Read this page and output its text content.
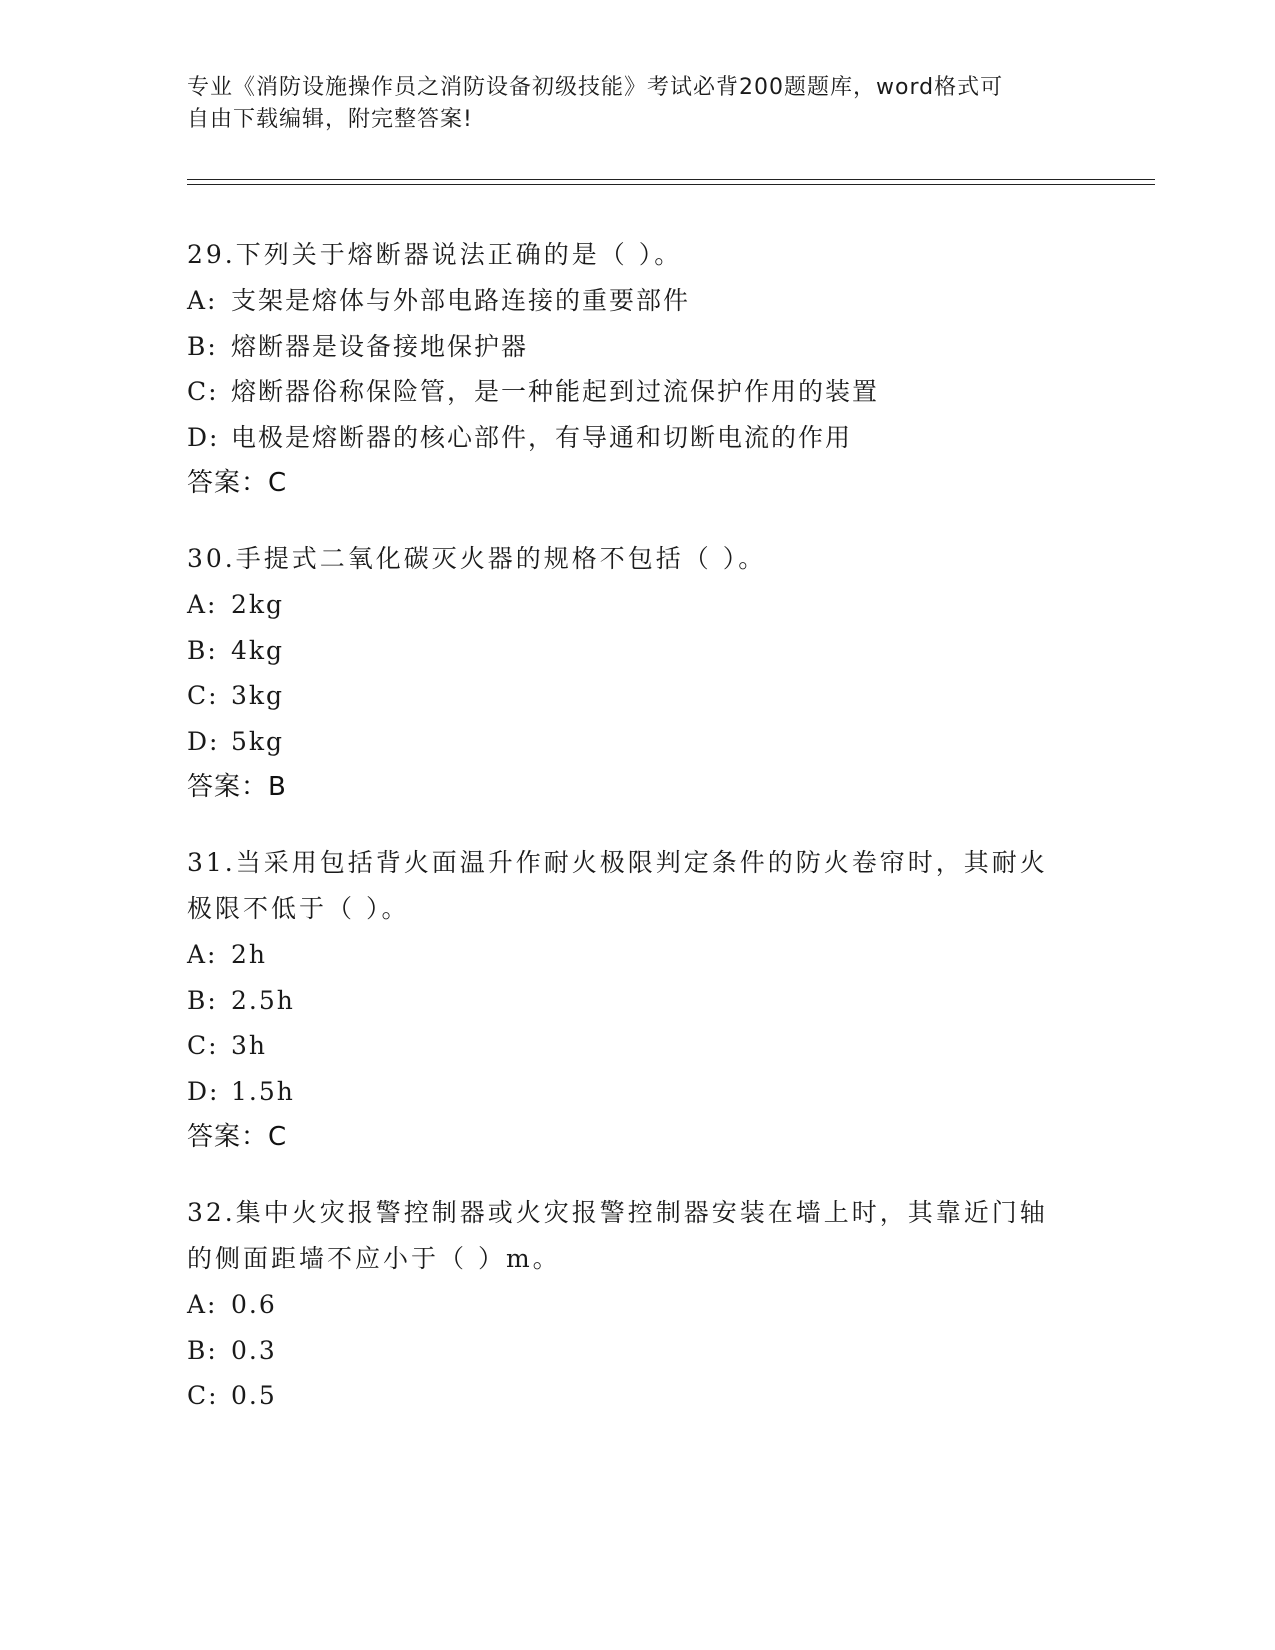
专业《消防设施操作员之消防设备初级技能》考试必背200题题库，word格式可
自由下载编辑，附完整答案!
29.下列关于熔断器说法正确的是（ ）。
A: 支架是熔体与外部电路连接的重要部件
B: 熔断器是设备接地保护器
C: 熔断器俗称保险管，是一种能起到过流保护作用的装置
D: 电极是熔断器的核心部件，有导通和切断电流的作用
答案：C
30.手提式二氧化碳灭火器的规格不包括（ ）。
A: 2kg
B: 4kg
C: 3kg
D: 5kg
答案：B
31.当采用包括背火面温升作耐火极限判定条件的防火卷帘时，其耐火
极限不低于（ ）。
A: 2h
B: 2.5h
C: 3h
D: 1.5h
答案：C
32.集中火灾报警控制器或火灾报警控制器安装在墙上时，其靠近门轴
的侧面距墙不应小于（ ）m。
A: 0.6
B: 0.3
C: 0.5
